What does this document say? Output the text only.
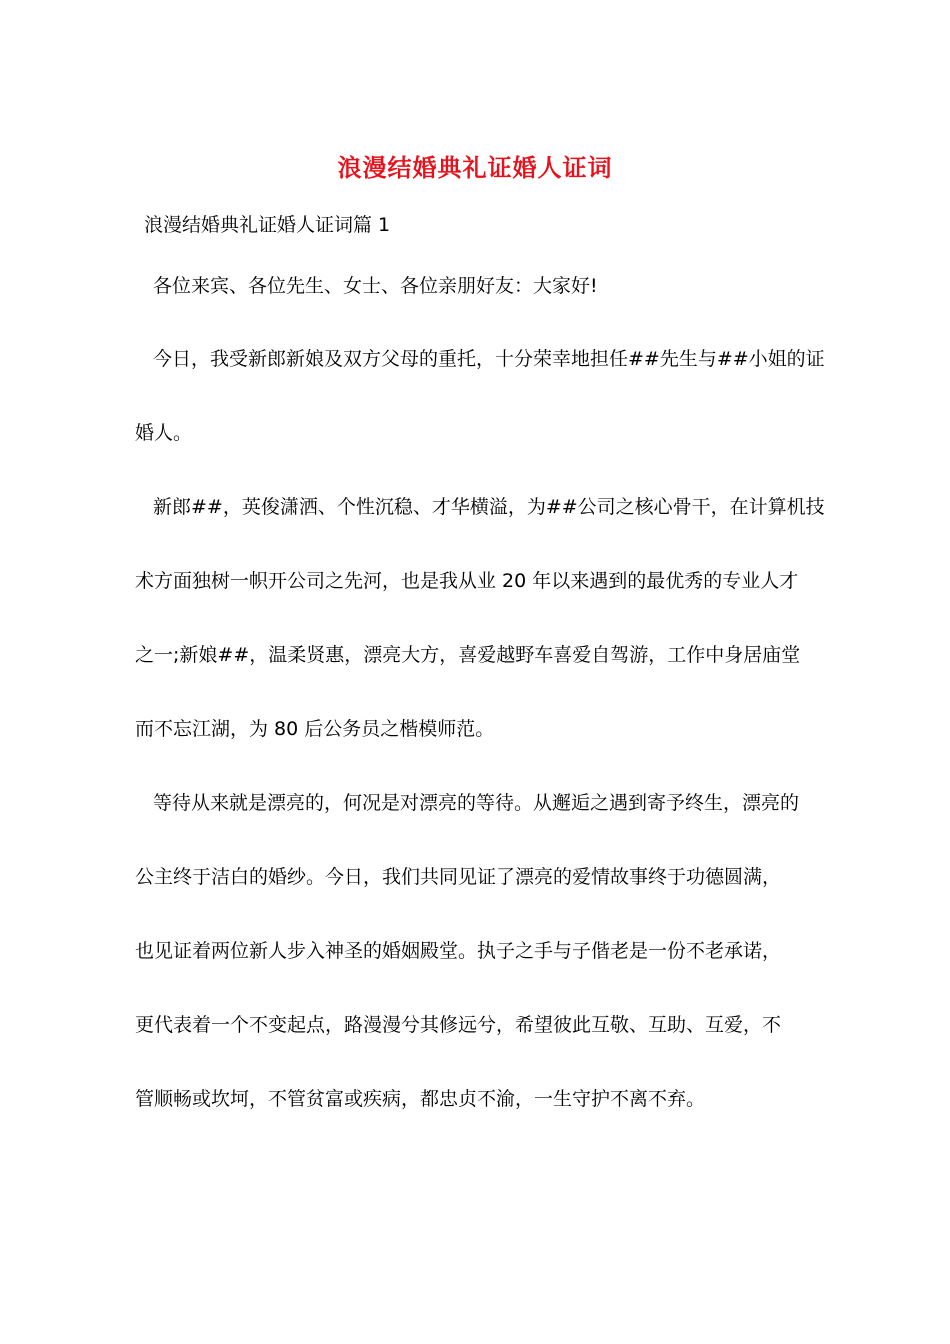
浪漫结婚典礼证婚人证词
浪漫结婚典礼证婚人证词篇 1

各位来宾、各位先生、女士、各位亲朋好友：大家好!

今日，我受新郎新娘及双方父母的重托，十分荣幸地担任##先生与##小姐的证
婚人。

新郎##，英俊潇洒、个性沉稳、才华横溢，为##公司之核心骨干，在计算机技
术方面独树一帜开公司之先河，也是我从业 20 年以来遇到的最优秀的专业人才
之一;新娘##，温柔贤惠，漂亮大方，喜爱越野车喜爱自驾游，工作中身居庙堂
而不忘江湖，为 80 后公务员之楷模师范。

等待从来就是漂亮的，何况是对漂亮的等待。从邂逅之遇到寄予终生，漂亮的
公主终于洁白的婚纱。今日，我们共同见证了漂亮的爱情故事终于功德圆满，
也见证着两位新人步入神圣的婚姻殿堂。执子之手与子偕老是一份不老承诺，
更代表着一个不变起点，路漫漫兮其修远兮，希望彼此互敬、互助、互爱，不
管顺畅或坎坷，不管贫富或疾病，都忠贞不渝，一生守护不离不弃。
